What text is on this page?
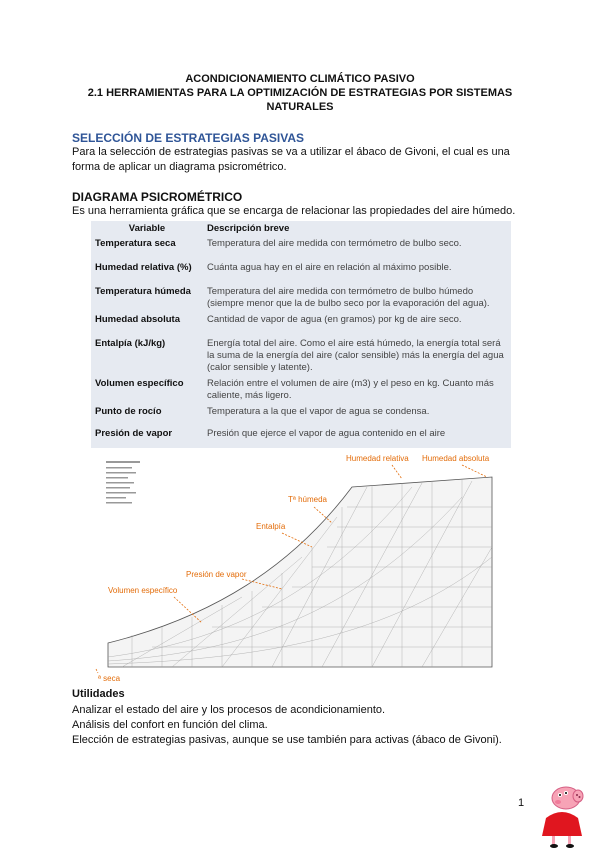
ACONDICIONAMIENTO CLIMÁTICO PASIVO
2.1 HERRAMIENTAS PARA LA OPTIMIZACIÓN DE ESTRATEGIAS POR SISTEMAS
NATURALES
SELECCIÓN DE ESTRATEGIAS PASIVAS
Para la selección de estrategias pasivas se va a utilizar el ábaco de Givoni, el cual es una forma de aplicar un diagrama psicrométrico.
DIAGRAMA PSICROMÉTRICO
Es una herramienta gráfica que se encarga de relacionar las propiedades del aire húmedo.
Variable	Descripción breve
Temperatura seca	Temperatura del aire medida con termómetro de bulbo seco.
Humedad relativa (%)	Cuánta agua hay en el aire en relación al máximo posible.
Temperatura húmeda	Temperatura del aire medida con termómetro de bulbo húmedo (siempre menor que la de bulbo seco por la evaporación del agua).
Humedad absoluta	Cantidad de vapor de agua (en gramos) por kg de aire seco.
Entalpía (kJ/kg)	Energía total del aire. Como el aire está húmedo, la energía total será la suma de la energía del aire (calor sensible) más la energía del agua (calor sensible y latente).
Volumen específico	Relación entre el volumen de aire (m3) y el peso en kg. Cuanto más caliente, más ligero.
Punto de rocío	Temperatura a la que el vapor de agua se condensa.
Presión de vapor	Presión que ejerce el vapor de agua contenido en el aire
Humedad relativa Humedad absoluta
Tª húmeda
Entalpía
Presión de vapor
Volumen específico
ª seca
Utilidades
Analizar el estado del aire y los procesos de acondicionamiento.
Análisis del confort en función del clima.
Elección de estrategias pasivas, aunque se use también para activas (ábaco de Givoni).
1
